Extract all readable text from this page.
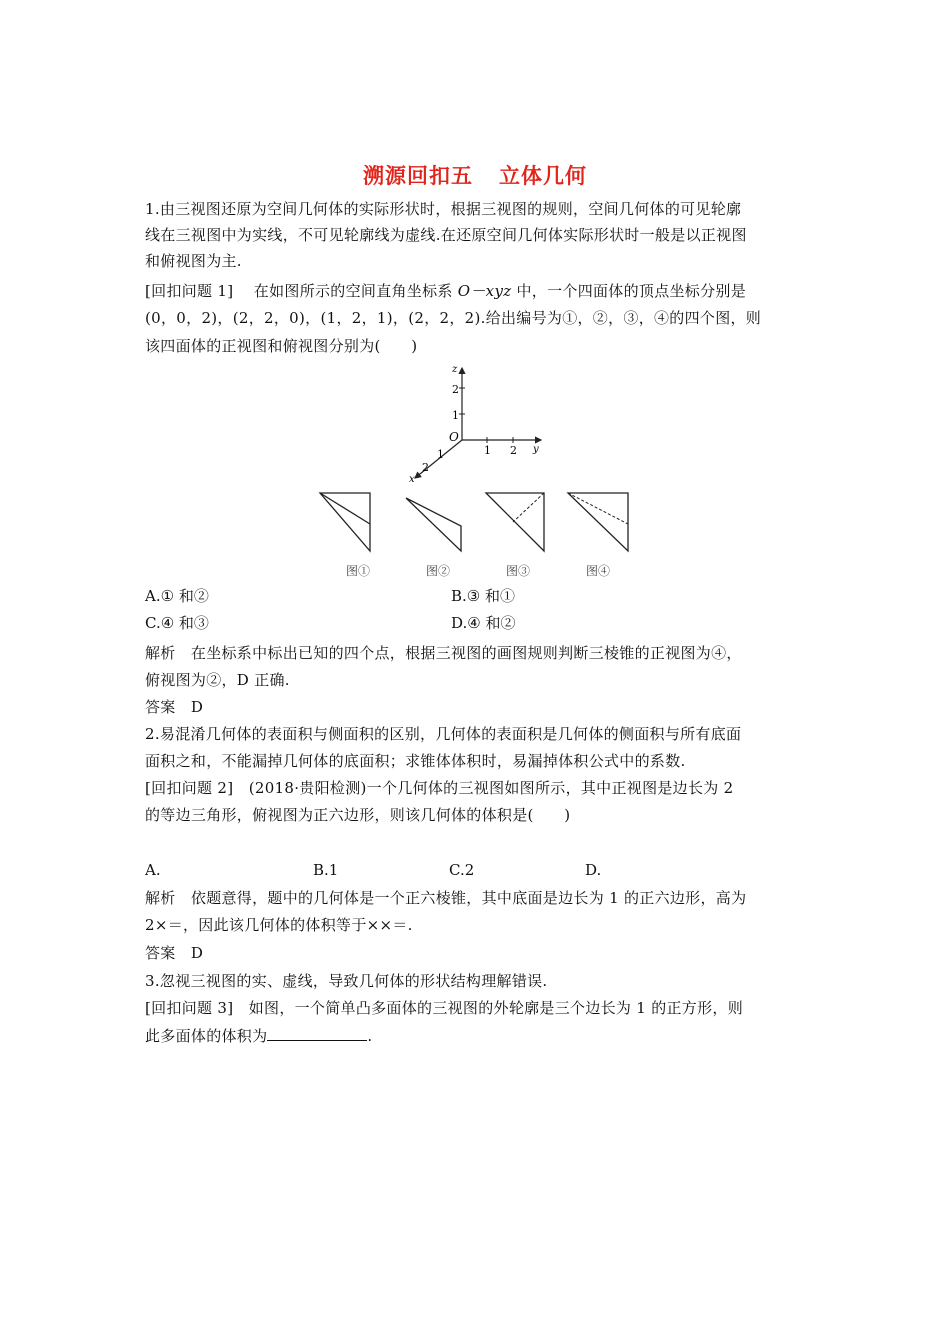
溯源回扣五 立体几何
1.由三视图还原为空间几何体的实际形状时，根据三视图的规则，空间几何体的可见轮廓
线在三视图中为实线，不可见轮廓线为虚线.在还原空间几何体实际形状时一般是以正视图
和俯视图为主.
[回扣问题 1]　 在如图所示的空间直角坐标系 O－xyz 中，一个四面体的顶点坐标分别是
(0，0，2)，(2，2，0)，(1，2，1)，(2，2，2).给出编号为①，②，③，④的四个图，则
该四面体的正视图和俯视图分别为(　　)
z
2
1
O
1 2 y
1
2
x
图①	图②	图③	图④
A.① 和②	B.③ 和①
C.④ 和③	D.④ 和②
解析　在坐标系中标出已知的四个点，根据三视图的画图规则判断三棱锥的正视图为④，
俯视图为②，D 正确.
答案　D
2.易混淆几何体的表面积与侧面积的区别，几何体的表面积是几何体的侧面积与所有底面
面积之和，不能漏掉几何体的底面积；求锥体体积时，易漏掉体积公式中的系数.
[回扣问题 2]　(2018·贵阳检测)一个几何体的三视图如图所示，其中正视图是边长为 2
的等边三角形，俯视图为正六边形，则该几何体的体积是(　　)
A.	B.1	C.2	D.
解析　依题意得，题中的几何体是一个正六棱锥，其中底面是边长为 1 的正六边形，高为
2×＝，因此该几何体的体积等于××＝.
答案　D
3.忽视三视图的实、虚线，导致几何体的形状结构理解错误.
[回扣问题 3]　如图，一个简单凸多面体的三视图的外轮廓是三个边长为 1 的正方形，则
此多面体的体积为	.
